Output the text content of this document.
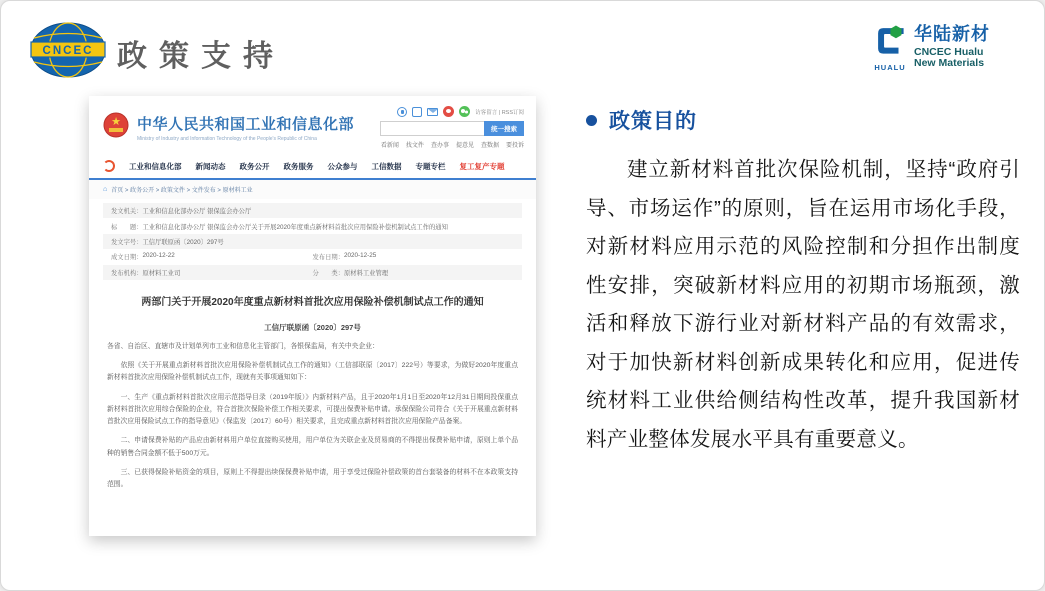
CNCEC 政策支持	HUALU
华陆新材
CNCEC Hualu
New Materials
★ 中华人民共和国工业和信息化部
Ministry of Industry and Information Technology of the People's Republic of China
访客留言 | RSS订阅
统一搜索
看新闻 找文件 查办事 提意见 查数据 要投诉
工业和信息化部 新闻动态 政务公开 政务服务 公众参与 工信数据 专题专栏 复工复产专题
⌂ 首页 > 政务公开 > 政策文件 > 文件发布 > 原材料工业
发文机关： 工业和信息化部办公厅 银保监会办公厅
标　　题： 工业和信息化部办公厅 银保监会办公厅关于开展2020年度重点新材料首批次应用保险补偿机制试点工作的通知
发文字号： 工信厅联原函〔2020〕297号
成文日期： 2020-12-22	发布日期： 2020-12-25
发布机构： 原材料工业司	分　　类： 原材料工业管理
两部门关于开展2020年度重点新材料首批次应用保险补偿机制试点工作的通知
工信厅联原函〔2020〕297号

各省、自治区、直辖市及计划单列市工业和信息化主管部门，各银保监局，有关中央企业：

依照《关于开展重点新材料首批次应用保险补偿机制试点工作的通知》（工信部联原〔2017〕222号）等要求，为做好2020年度重点新材料首批次应用保险补偿机制试点工作，现就有关事项通知如下：

一、生产《重点新材料首批次应用示范指导目录（2019年版）》内新材料产品，且于2020年1月1日至2020年12月31日期间投保重点新材料首批次应用综合保险的企业，符合首批次保险补偿工作相关要求，可提出保费补贴申请。承保保险公司符合《关于开展重点新材料首批次应用保险试点工作的指导意见》（保监发〔2017〕60号）相关要求，且完成重点新材料首批次应用保险产品备案。

二、申请保费补贴的产品应由新材料用户单位直接购买使用，用户单位为关联企业及贸易商的不得提出保费补贴申请，原则上单个品种的销售合同金额不低于500万元。

三、已获得保险补贴资金的项目，原则上不得提出续保保费补贴申请，用于享受过保险补偿政策的首台套装备的材料不在本政策支持范围。

政策目的
建立新材料首批次保险机制，坚持“政府引导、市场运作”的原则，旨在运用市场化手段，对新材料应用示范的风险控制和分担作出制度性安排，突破新材料应用的初期市场瓶颈，激活和释放下游行业对新材料产品的有效需求，对于加快新材料创新成果转化和应用，促进传统材料工业供给侧结构性改革，提升我国新材料产业整体发展水平具有重要意义。
